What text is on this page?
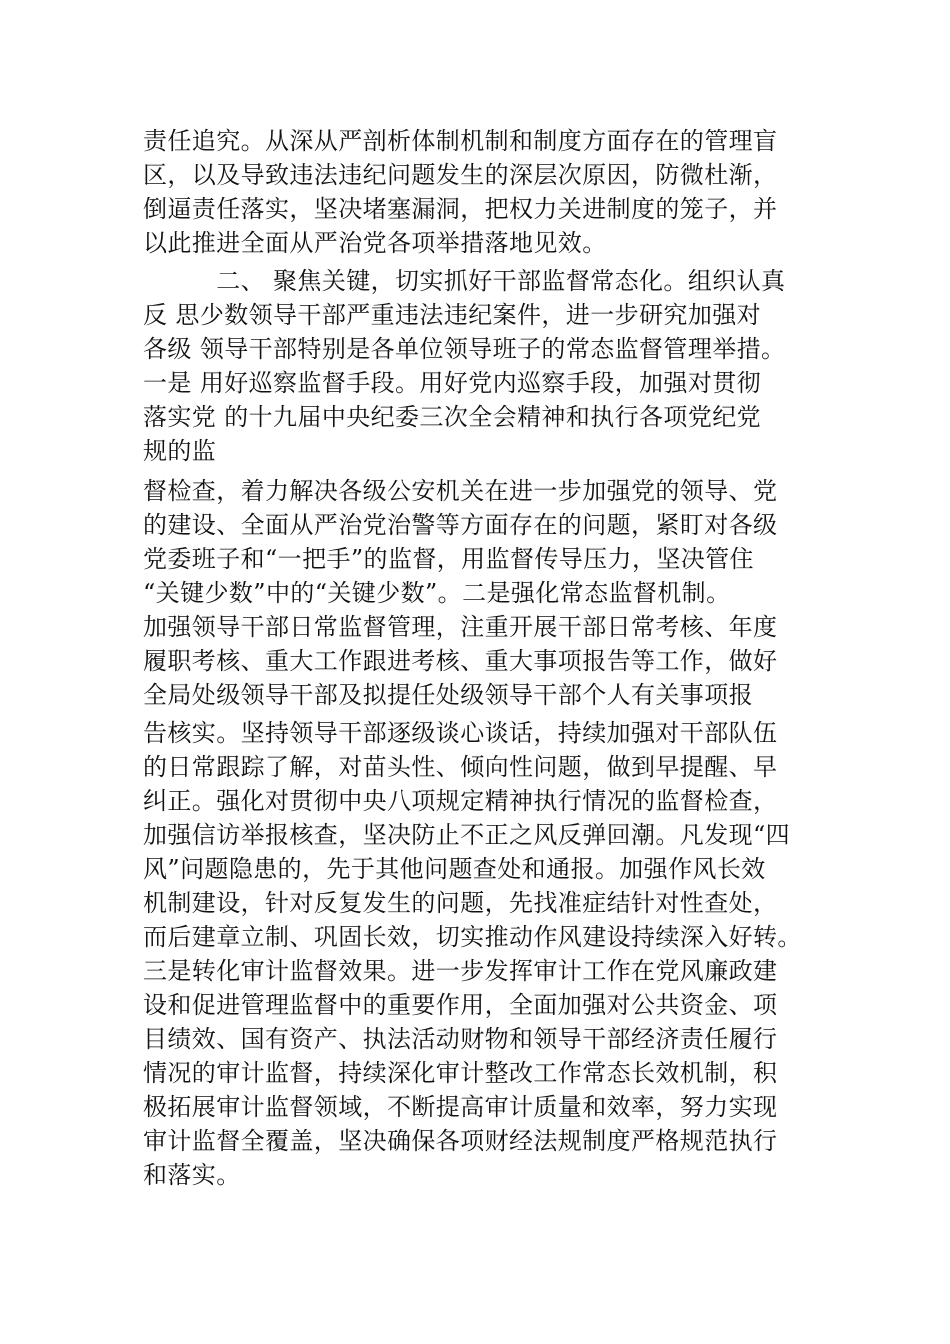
责任追究。从深从严剖析体制机制和制度方面存在的管理盲
区，以及导致违法违纪问题发生的深层次原因，防微杜渐，
倒逼责任落实，坚决堵塞漏洞，把权力关进制度的笼子，并
以此推进全面从严治党各项举措落地见效。
　　　二、 聚焦关键，切实抓好干部监督常态化。组织认真
反 思少数领导干部严重违法违纪案件，进一步研究加强对
各级 领导干部特别是各单位领导班子的常态监督管理举措。
一是 用好巡察监督手段。用好党内巡察手段，加强对贯彻
落实党 的十九届中央纪委三次全会精神和执行各项党纪党
规的监
督检查，着力解决各级公安机关在进一步加强党的领导、党
的建设、全面从严治党治警等方面存在的问题，紧盯对各级
党委班子和“一把手”的监督，用监督传导压力，坚决管住
“关键少数”中的“关键少数”。二是强化常态监督机制。
加强领导干部日常监督管理，注重开展干部日常考核、年度
履职考核、重大工作跟进考核、重大事项报告等工作，做好
全局处级领导干部及拟提任处级领导干部个人有关事项报
告核实。坚持领导干部逐级谈心谈话，持续加强对干部队伍
的日常跟踪了解，对苗头性、倾向性问题，做到早提醒、早
纠正。强化对贯彻中央八项规定精神执行情况的监督检查，
加强信访举报核查，坚决防止不正之风反弹回潮。凡发现“四
风”问题隐患的，先于其他问题查处和通报。加强作风长效
机制建设，针对反复发生的问题，先找准症结针对性查处，
而后建章立制、巩固长效，切实推动作风建设持续深入好转。
三是转化审计监督效果。进一步发挥审计工作在党风廉政建
设和促进管理监督中的重要作用，全面加强对公共资金、项
目绩效、国有资产、执法活动财物和领导干部经济责任履行
情况的审计监督，持续深化审计整改工作常态长效机制，积
极拓展审计监督领域，不断提高审计质量和效率，努力实现
审计监督全覆盖，坚决确保各项财经法规制度严格规范执行
和落实。
